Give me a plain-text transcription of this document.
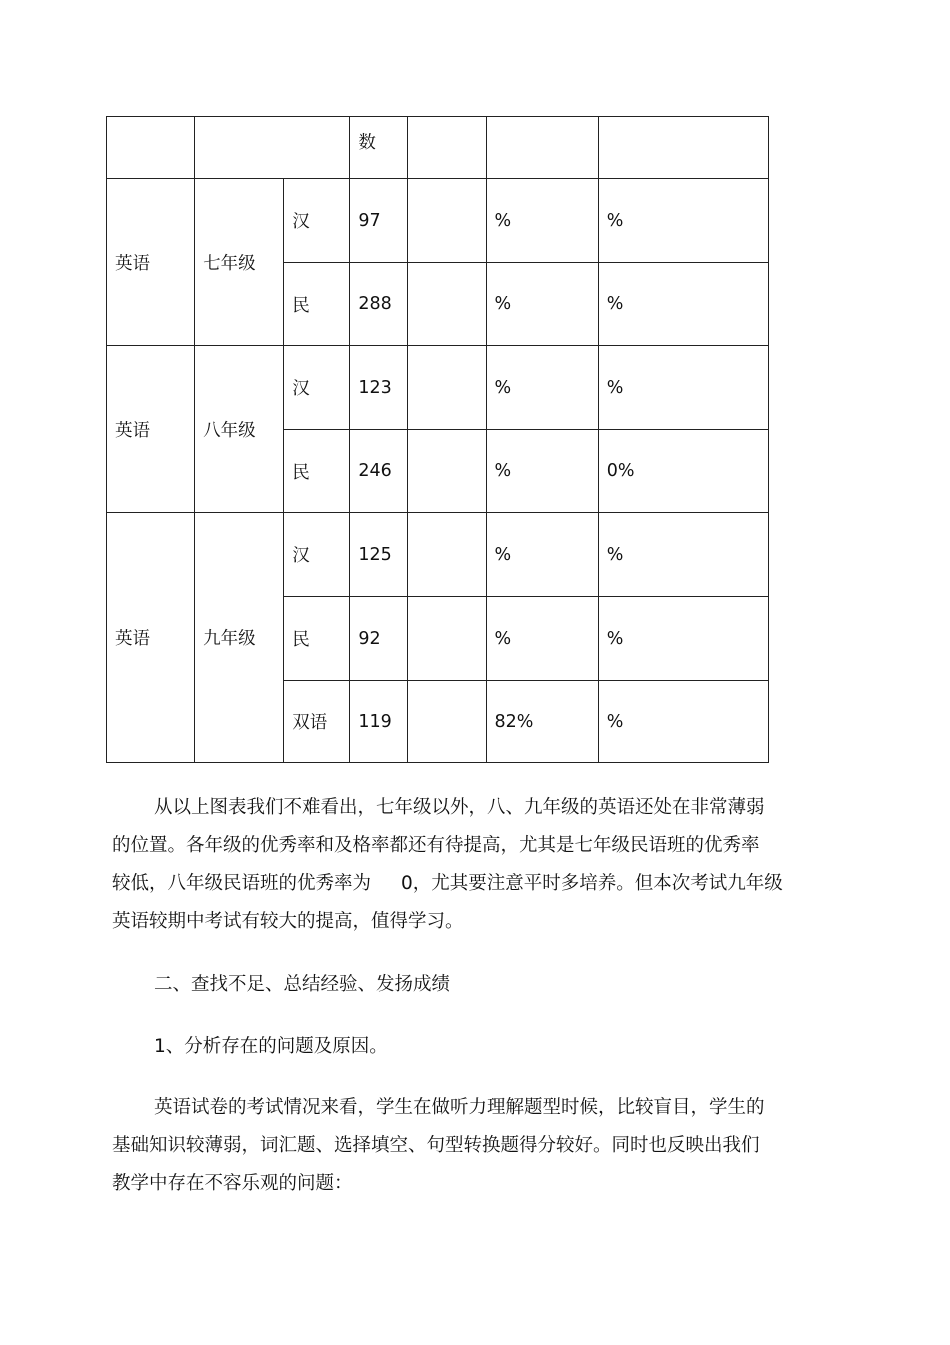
			数			
英语	七年级	汉	97		%	%
		民	288		%	%
英语	八年级	汉	123		%	%
		民	246		%	0%
英语	九年级	汉	125		%	%
		民	92		%	%
		双语	119		82%	%
从以上图表我们不难看出，七年级以外，八、九年级的英语还处在非常薄弱
的位置。各年级的优秀率和及格率都还有待提高，尤其是七年级民语班的优秀率
较低，八年级民语班的优秀率为 0，尤其要注意平时多培养。但本次考试九年级
英语较期中考试有较大的提高，值得学习。
二、查找不足、总结经验、发扬成绩
1、分析存在的问题及原因。
英语试卷的考试情况来看，学生在做听力理解题型时候，比较盲目，学生的
基础知识较薄弱，词汇题、选择填空、句型转换题得分较好。同时也反映出我们
教学中存在不容乐观的问题：
